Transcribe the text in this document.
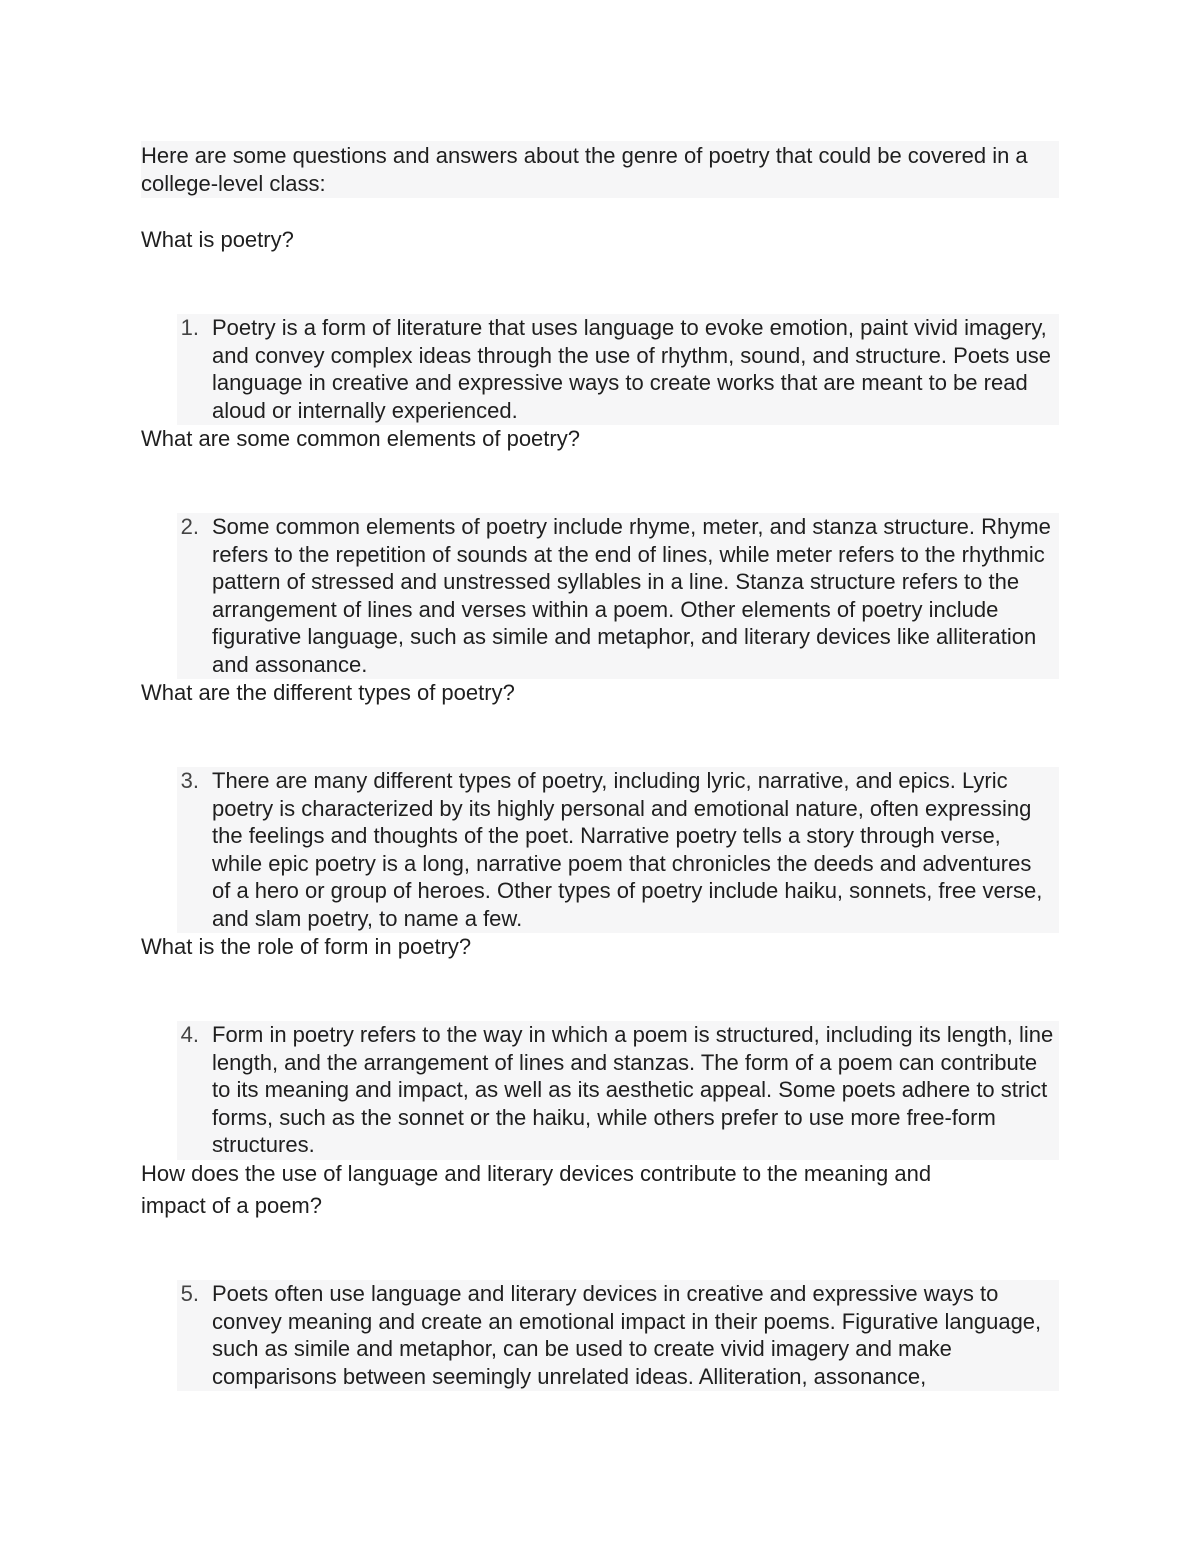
Here are some questions and answers about the genre of poetry that could be covered in a college-level class:
What is poetry?
1. Poetry is a form of literature that uses language to evoke emotion, paint vivid imagery, and convey complex ideas through the use of rhythm, sound, and structure. Poets use language in creative and expressive ways to create works that are meant to be read aloud or internally experienced.
What are some common elements of poetry?
2. Some common elements of poetry include rhyme, meter, and stanza structure. Rhyme refers to the repetition of sounds at the end of lines, while meter refers to the rhythmic pattern of stressed and unstressed syllables in a line. Stanza structure refers to the arrangement of lines and verses within a poem. Other elements of poetry include figurative language, such as simile and metaphor, and literary devices like alliteration and assonance.
What are the different types of poetry?
3. There are many different types of poetry, including lyric, narrative, and epics. Lyric poetry is characterized by its highly personal and emotional nature, often expressing the feelings and thoughts of the poet. Narrative poetry tells a story through verse, while epic poetry is a long, narrative poem that chronicles the deeds and adventures of a hero or group of heroes. Other types of poetry include haiku, sonnets, free verse, and slam poetry, to name a few.
What is the role of form in poetry?
4. Form in poetry refers to the way in which a poem is structured, including its length, line length, and the arrangement of lines and stanzas. The form of a poem can contribute to its meaning and impact, as well as its aesthetic appeal. Some poets adhere to strict forms, such as the sonnet or the haiku, while others prefer to use more free-form structures.
How does the use of language and literary devices contribute to the meaning and impact of a poem?
5. Poets often use language and literary devices in creative and expressive ways to convey meaning and create an emotional impact in their poems. Figurative language, such as simile and metaphor, can be used to create vivid imagery and make comparisons between seemingly unrelated ideas. Alliteration, assonance,
